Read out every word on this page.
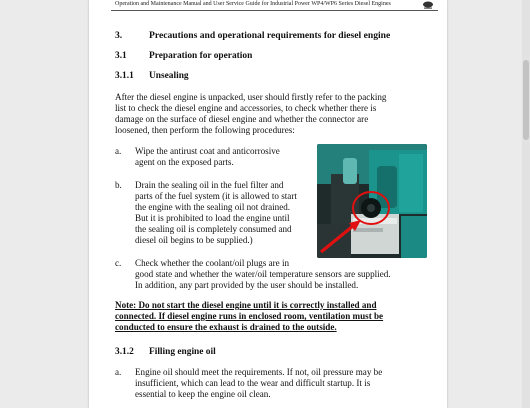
Operation and Maintenance Manual and User Service Guide for Industrial Power WP4/WP6 Series Diesel Engines
3.	Precautions and operational requirements for diesel engine
3.1 Preparation for operation
3.1.1 Unsealing
After the diesel engine is unpacked, user should firstly refer to the packing
list to check the diesel engine and accessories, to check whether there is
damage on the surface of diesel engine and whether the connector are
loosened, then perform the following procedures:
a. Wipe the antirust coat and anticorrosive
agent on the exposed parts.
b. Drain the sealing oil in the fuel filter and
parts of the fuel system (it is allowed to start
the engine with the sealing oil not drained.
But it is prohibited to load the engine until
the sealing oil is completely consumed and
diesel oil begins to be supplied.)
c. Check whether the coolant/oil plugs are in
good state and whether the water/oil temperature sensors are supplied.
In addition, any part provided by the user should be installed.
Note: Do not start the diesel engine until it is correctly installed and
connected. If diesel engine runs in enclosed room, ventilation must be
conducted to ensure the exhaust is drained to the outside.
3.1.2 Filling engine oil
a. Engine oil should meet the requirements. If not, oil pressure may be
insufficient, which can lead to the wear and difficult startup. It is
essential to keep the engine oil clean.
